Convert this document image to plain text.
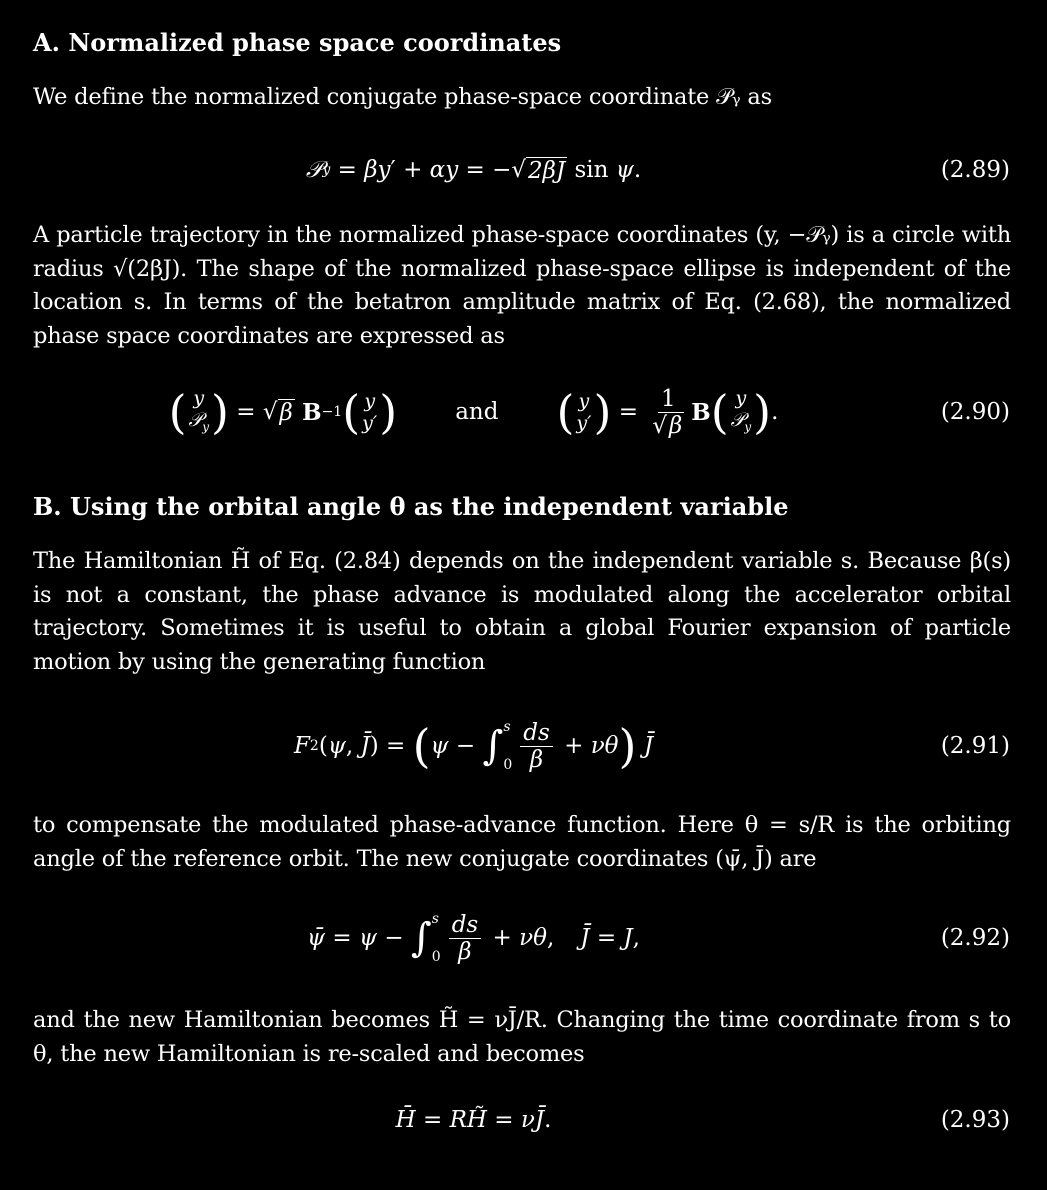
A. Normalized phase space coordinates

We define the normalized conjugate phase-space coordinate 𝒫ᵧ as

𝒫 y = βy ′ + αy = −√ 2βJ sin ψ .	(2.89)

A particle trajectory in the normalized phase-space coordinates (y, −𝒫ᵧ) is a circle with radius √(2βJ). The shape of the normalized phase-space ellipse is independent of the location s. In terms of the betatron amplitude matrix of Eq. (2.68), the normalized phase space coordinates are expressed as

( y
𝒫$_y$ ) = √ β
B −1 ( y
y′ )	and ( y
y′ ) = $\frac{1}{√\beta}$ B ( y
𝒫$_y$ ) .	(2.90)
B. Using the orbital angle θ as the independent variable

The Hamiltonian H̃ of Eq. (2.84) depends on the independent variable s. Because β(s) is not a constant, the phase advance is modulated along the accelerator orbital trajectory. Sometimes it is useful to obtain a global Fourier expansion of particle motion by using the generating function

F 2 ( ψ , J̄ ) = ( ψ − ∫ s
$0 \frac{ds}{\beta} + \nu\theta$ )
J̄	(2.91)

to compensate the modulated phase-advance function. Here θ = s/R is the orbiting angle of the reference orbit. The new conjugate coordinates (ψ̄, J̄) are

ψ̄ = ψ − ∫ s
$0 \frac{ds}{\beta} + \nu\theta$ , J̄ = J ,	(2.92)

and the new Hamiltonian becomes H̃ = νJ̄/R. Changing the time coordinate from s to θ, the new Hamiltonian is re-scaled and becomes

H̄ = RH̃ = νJ̄ .	(2.93)
